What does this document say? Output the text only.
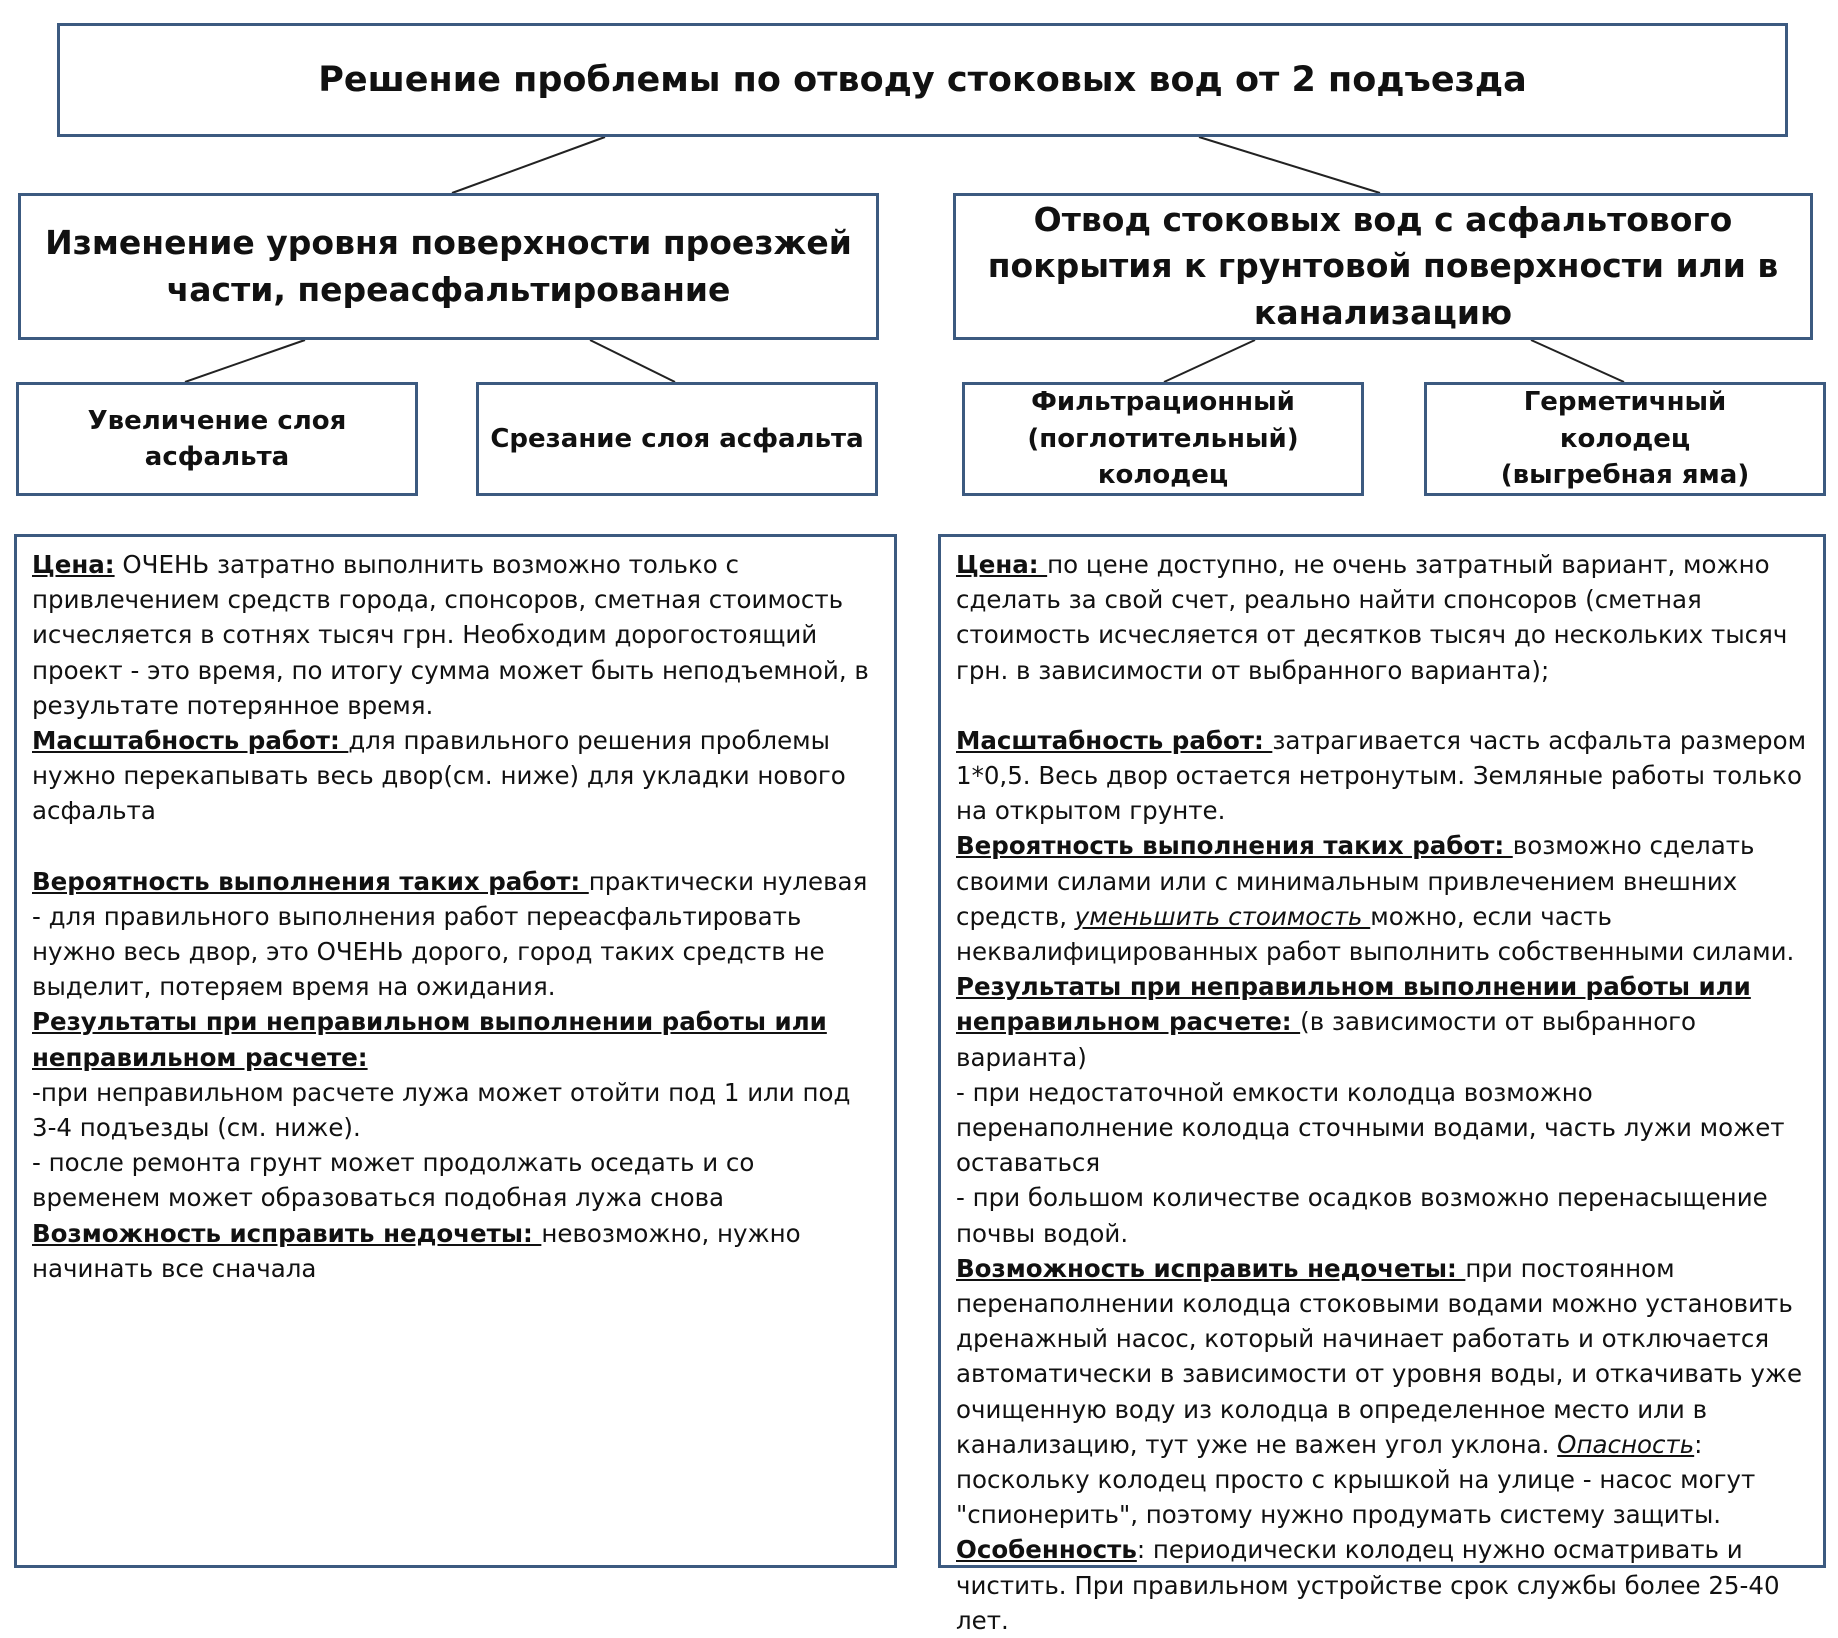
Решение проблемы по отводу стоковых вод от 2 подъезда
Изменение уровня поверхности проезжей части, переасфальтирование
Отвод стоковых вод с асфальтового покрытия к грунтовой поверхности или в канализацию
Увеличение слоя асфальта
Срезание слоя асфальта
Фильтрационный (поглотительный) колодец
Герметичный колодец (выгребная яма)

Цена: ОЧЕНЬ затратно выполнить возможно только с привлечением средств города, спонсоров, сметная стоимость исчесляется в сотнях тысяч грн. Необходим дорогостоящий проект - это время, по итогу сумма может быть неподъемной, в результате потерянное время.

Масштабность работ: для правильного решения проблемы нужно перекапывать весь двор(см. ниже) для укладки нового асфальта

Вероятность выполнения таких работ: практически нулевая - для правильного выполнения работ переасфальтировать нужно весь двор, это ОЧЕНЬ дорого, город таких средств не выделит, потеряем время на ожидания.

Результаты при неправильном выполнении работы или неправильном расчете:

-при неправильном расчете лужа может отойти под 1 или под 3-4 подъезды (см. ниже).

- после ремонта грунт может продолжать оседать и со временем может образоваться подобная лужа снова

Возможность исправить недочеты: невозможно, нужно начинать все сначала

Цена: по цене доступно, не очень затратный вариант, можно сделать за свой счет, реально найти спонсоров (сметная стоимость исчесляется от десятков тысяч до нескольких тысяч грн. в зависимости от выбранного варианта);

Масштабность работ: затрагивается часть асфальта размером 1*0,5. Весь двор остается нетронутым. Земляные работы только на открытом грунте.

Вероятность выполнения таких работ: возможно сделать своими силами или с минимальным привлечением внешних средств, уменьшить стоимость можно, если часть неквалифицированных работ выполнить собственными силами.

Результаты при неправильном выполнении работы или

неправильном расчете: (в зависимости от выбранного варианта)

- при недостаточной емкости колодца возможно перенаполнение колодца сточными водами, часть лужи может оставаться

- при большом количестве осадков возможно перенасыщение почвы водой.

Возможность исправить недочеты: при постоянном перенаполнении колодца стоковыми водами можно установить дренажный насос, который начинает работать и отключается автоматически в зависимости от уровня воды, и откачивать уже очищенную воду из колодца в определенное место или в канализацию, тут уже не важен угол уклона. Опасность: поскольку колодец просто с крышкой на улице - насос могут "спионерить", поэтому нужно продумать систему защиты.

Особенность: периодически колодец нужно осматривать и чистить. При правильном устройстве срок службы более 25-40 лет.
